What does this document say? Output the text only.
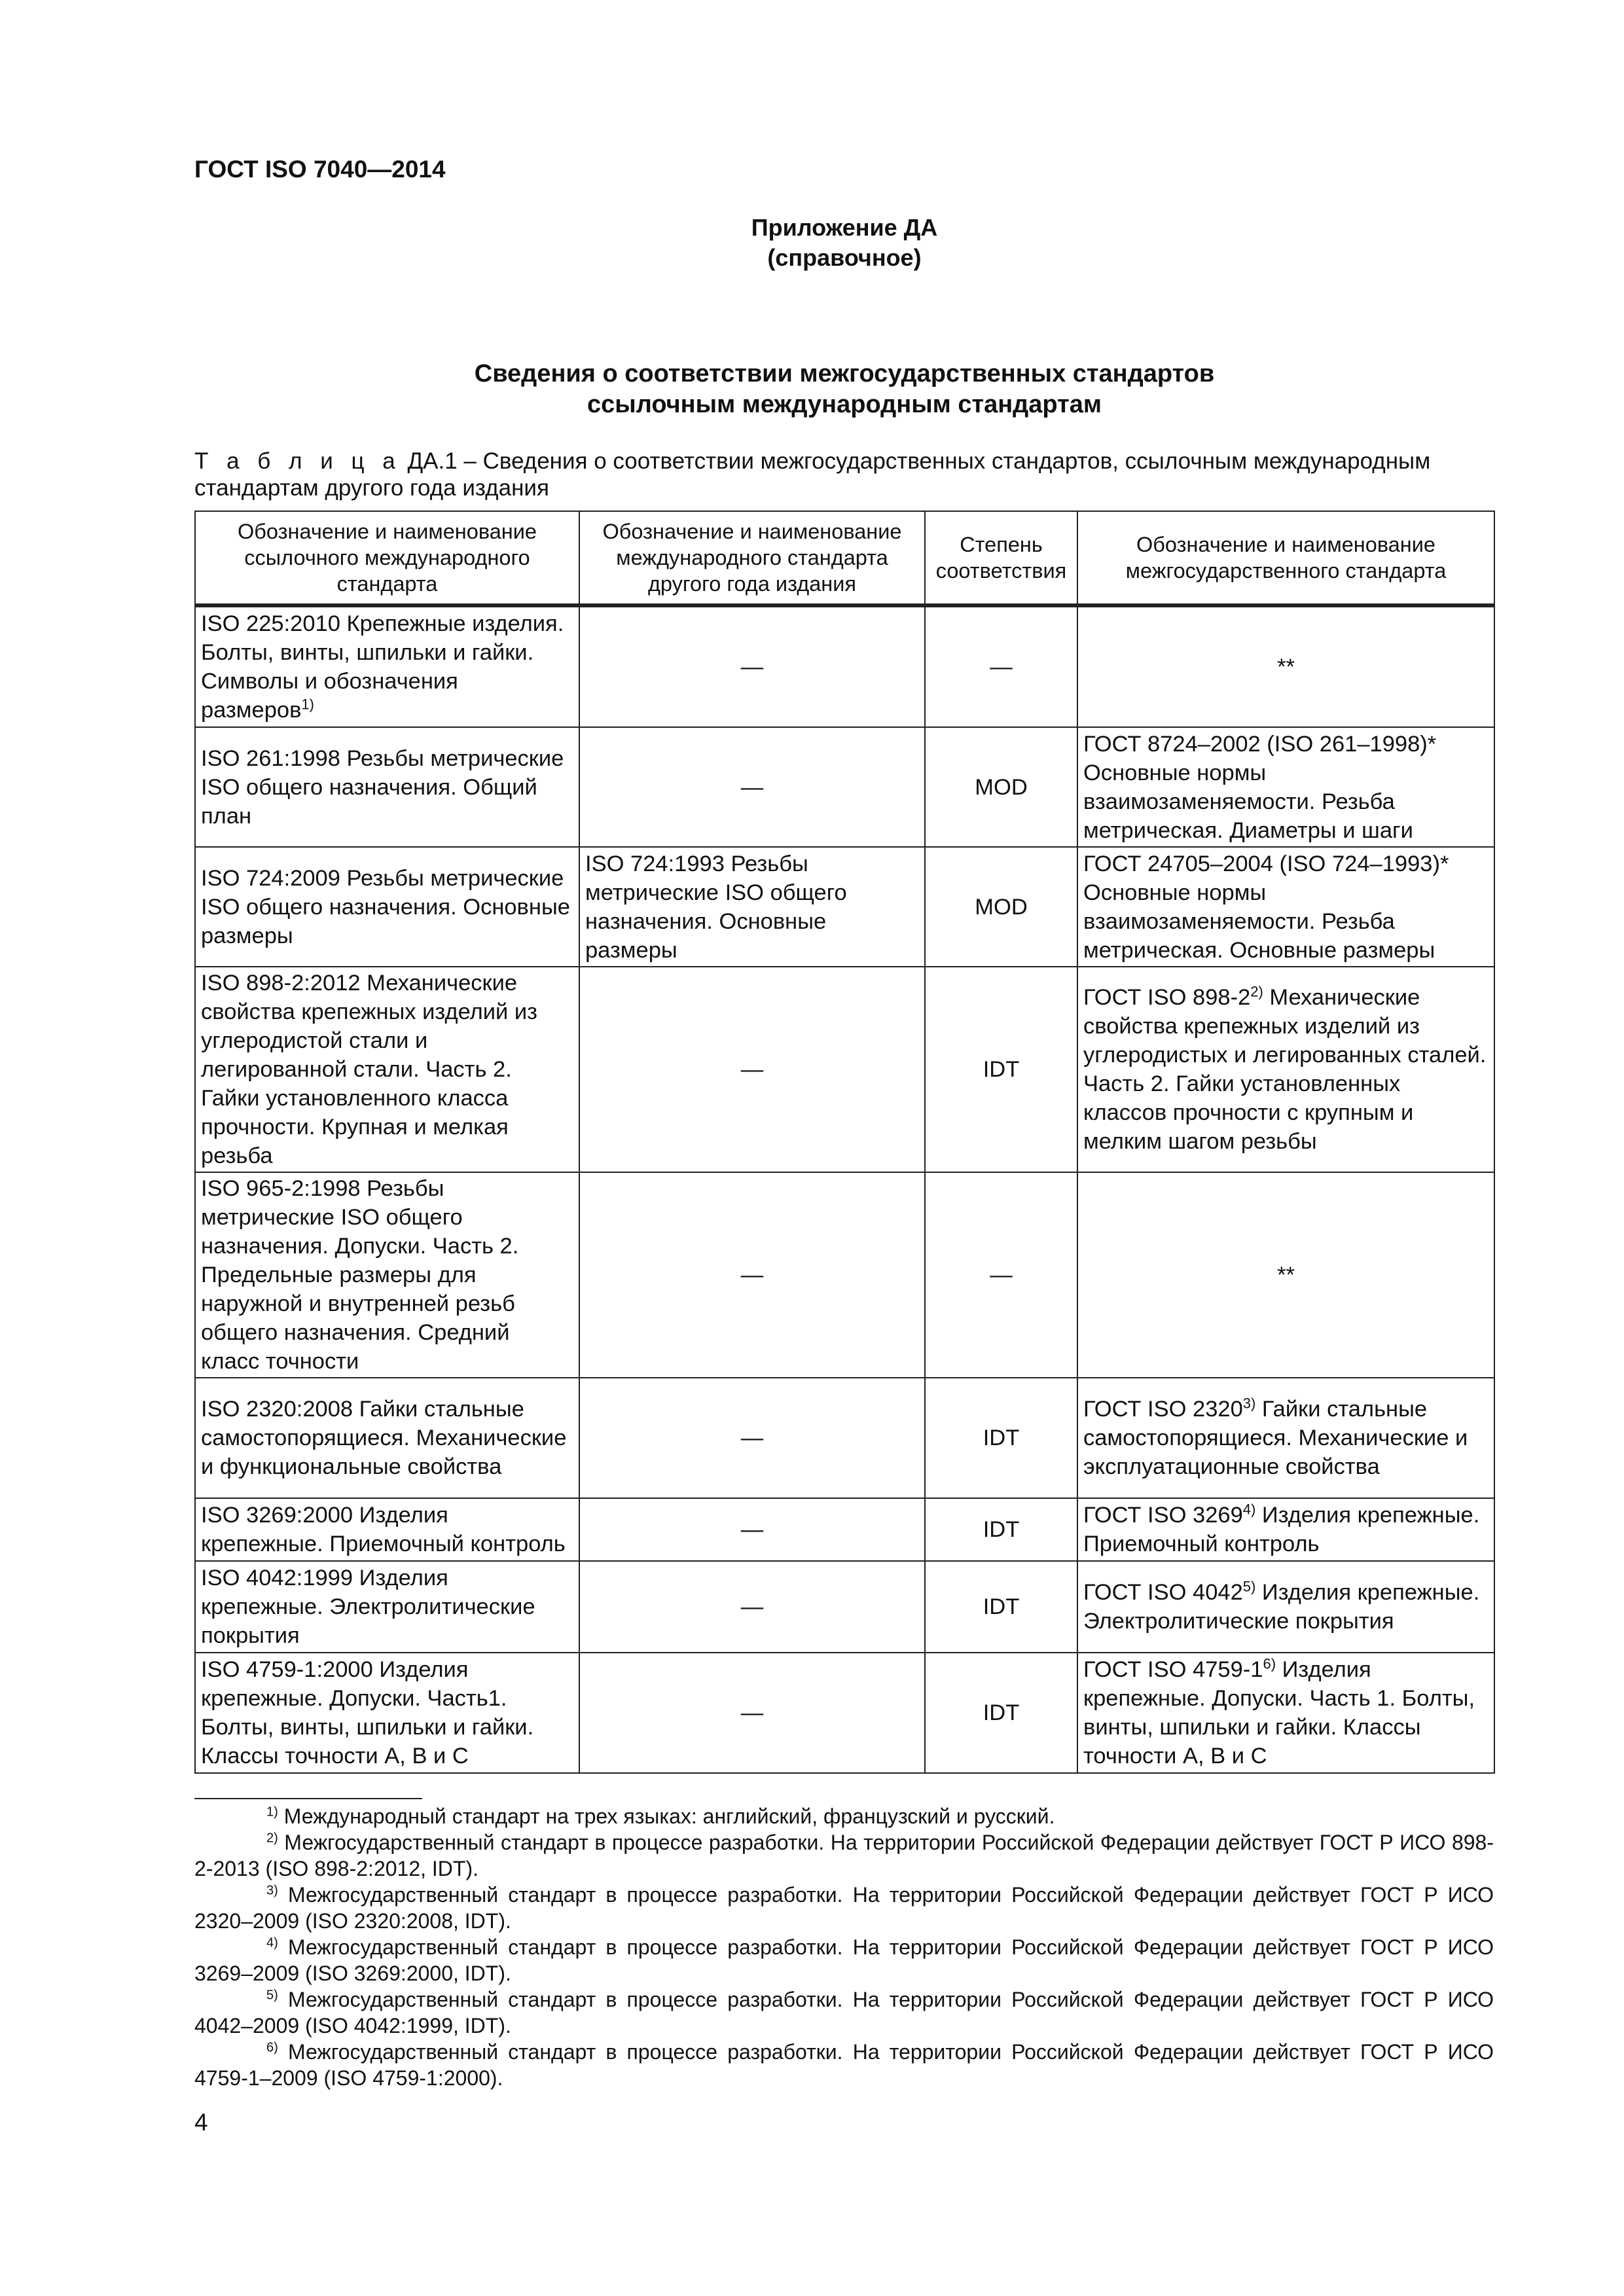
ГОСТ ISO 7040—2014
Приложение ДА
(справочное)
Сведения о соответствии межгосударственных стандартов
ссылочным международным стандартам
Т а б л и ц а ДА.1 – Сведения о соответствии межгосударственных стандартов, ссылочным международным стандартам другого года издания
Обозначение и наименование ссылочного международного стандарта	Обозначение и наименование международного стандарта другого года издания	Степень соответствия	Обозначение и наименование межгосударственного стандарта
ISO 225:2010 Крепежные изделия. Болты, винты, шпильки и гайки. Символы и обозначения размеров$^{1)}$	—	—	**
ISO 261:1998 Резьбы метрические ISO общего назначения. Общий план	—	MOD	ГОСТ 8724–2002 (ISO 261–1998)* Основные нормы взаимозаменяемости. Резьба метрическая. Диаметры и шаги
ISO 724:2009 Резьбы метрические ISO общего назначения. Основные размеры	ISO 724:1993 Резьбы метрические ISO общего назначения. Основные размеры	MOD	ГОСТ 24705–2004 (ISO 724–1993)* Основные нормы взаимозаменяемости. Резьба метрическая. Основные размеры
ISO 898-2:2012 Механические свойства крепежных изделий из углеродистой стали и легированной стали. Часть 2. Гайки установленного класса прочности. Крупная и мелкая резьба	—	IDT	ГОСТ ISO 898-2$^{2)}$ Механические свойства крепежных изделий из углеродистых и легированных сталей. Часть 2. Гайки установленных классов прочности с крупным и мелким шагом резьбы
ISO 965-2:1998 Резьбы метрические ISO общего назначения. Допуски. Часть 2. Предельные размеры для наружной и внутренней резьб общего назначения. Средний класс точности	—	—	**
ISO 2320:2008 Гайки стальные самостопорящиеся. Механические и функциональные свойства	—	IDT	ГОСТ ISO 2320$^{3)}$ Гайки стальные самостопорящиеся. Механические и эксплуатационные свойства
ISO 3269:2000 Изделия крепежные. Приемочный контроль	—	IDT	ГОСТ ISO 3269$^{4)}$ Изделия крепежные. Приемочный контроль
ISO 4042:1999 Изделия крепежные. Электролитические покрытия	—	IDT	ГОСТ ISO 4042$^{5)}$ Изделия крепежные. Электролитические покрытия
ISO 4759-1:2000 Изделия крепежные. Допуски. Часть1. Болты, винты, шпильки и гайки. Классы точности А, В и С	—	IDT	ГОСТ ISO 4759-1$^{6)}$ Изделия крепежные. Допуски. Часть 1. Болты, винты, шпильки и гайки. Классы точности А, В и С

$^{1)}$ Международный стандарт на трех языках: английский, французский и русский.

$^{2)}$ Межгосударственный стандарт в процессе разработки. На территории Российской Федерации действует ГОСТ Р ИСО 898-2-2013 (ISO 898-2:2012, IDT).

$^{3)}$ Межгосударственный стандарт в процессе разработки. На территории Российской Федерации действует ГОСТ Р ИСО 2320–2009 (ISO 2320:2008, IDT).

$^{4)}$ Межгосударственный стандарт в процессе разработки. На территории Российской Федерации действует ГОСТ Р ИСО 3269–2009 (ISO 3269:2000, IDT).

$^{5)}$ Межгосударственный стандарт в процессе разработки. На территории Российской Федерации действует ГОСТ Р ИСО 4042–2009 (ISO 4042:1999, IDT).

$^{6)}$ Межгосударственный стандарт в процессе разработки. На территории Российской Федерации действует ГОСТ Р ИСО 4759-1–2009 (ISO 4759-1:2000).

4
